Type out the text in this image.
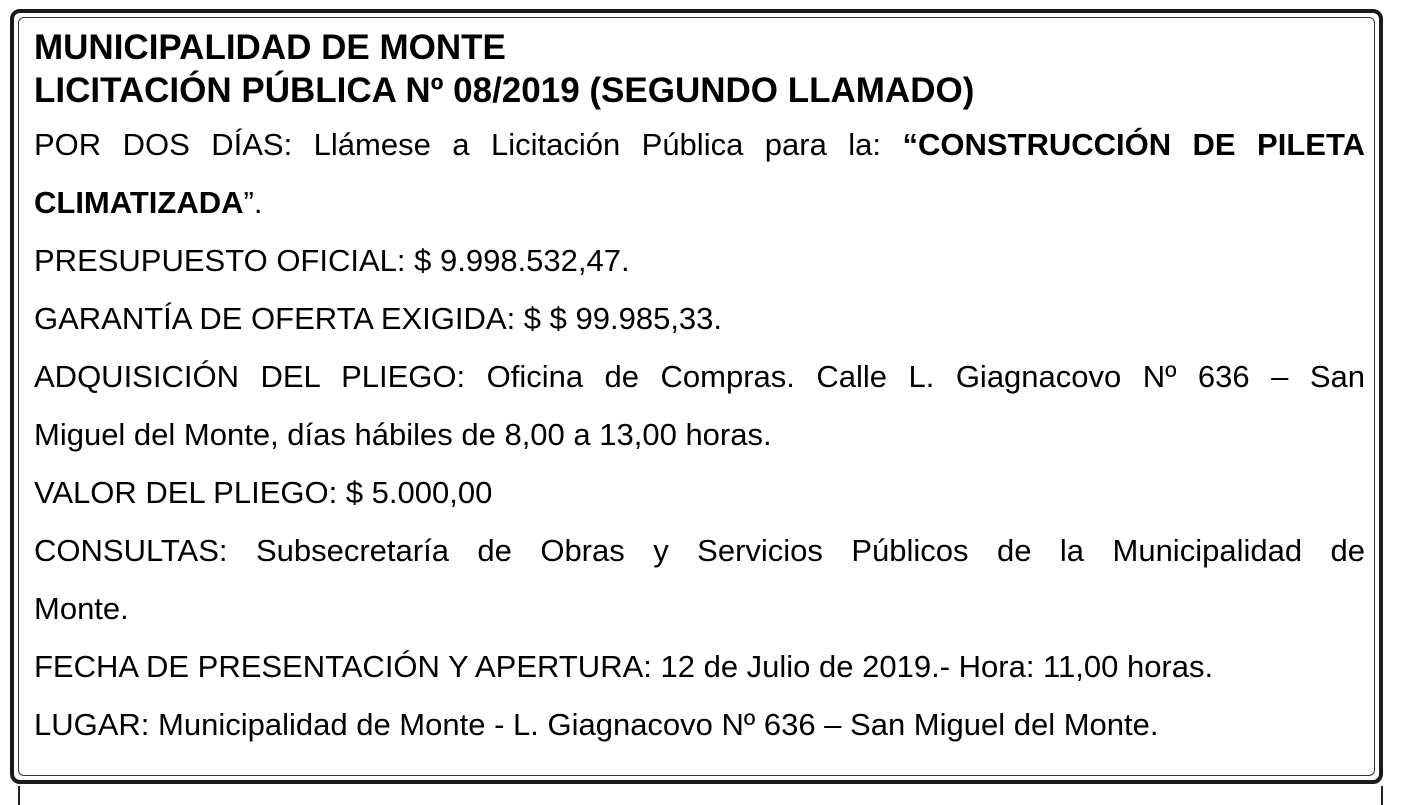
MUNICIPALIDAD DE MONTE
LICITACIÓN PÚBLICA Nº 08/2019 (SEGUNDO LLAMADO)
POR DOS DÍAS: Llámese a Licitación Pública para la: “CONSTRUCCIÓN DE PILETA
CLIMATIZADA”.
PRESUPUESTO OFICIAL: $ 9.998.532,47.
GARANTÍA DE OFERTA EXIGIDA: $ $ 99.985,33.
ADQUISICIÓN DEL PLIEGO: Oficina de Compras. Calle L. Giagnacovo Nº 636 – San
Miguel del Monte, días hábiles de 8,00 a 13,00 horas.
VALOR DEL PLIEGO: $ 5.000,00
CONSULTAS: Subsecretaría de Obras y Servicios Públicos de la Municipalidad de
Monte.
FECHA DE PRESENTACIÓN Y APERTURA: 12 de Julio de 2019.- Hora: 11,00 horas.
LUGAR: Municipalidad de Monte - L. Giagnacovo Nº 636 – San Miguel del Monte.
